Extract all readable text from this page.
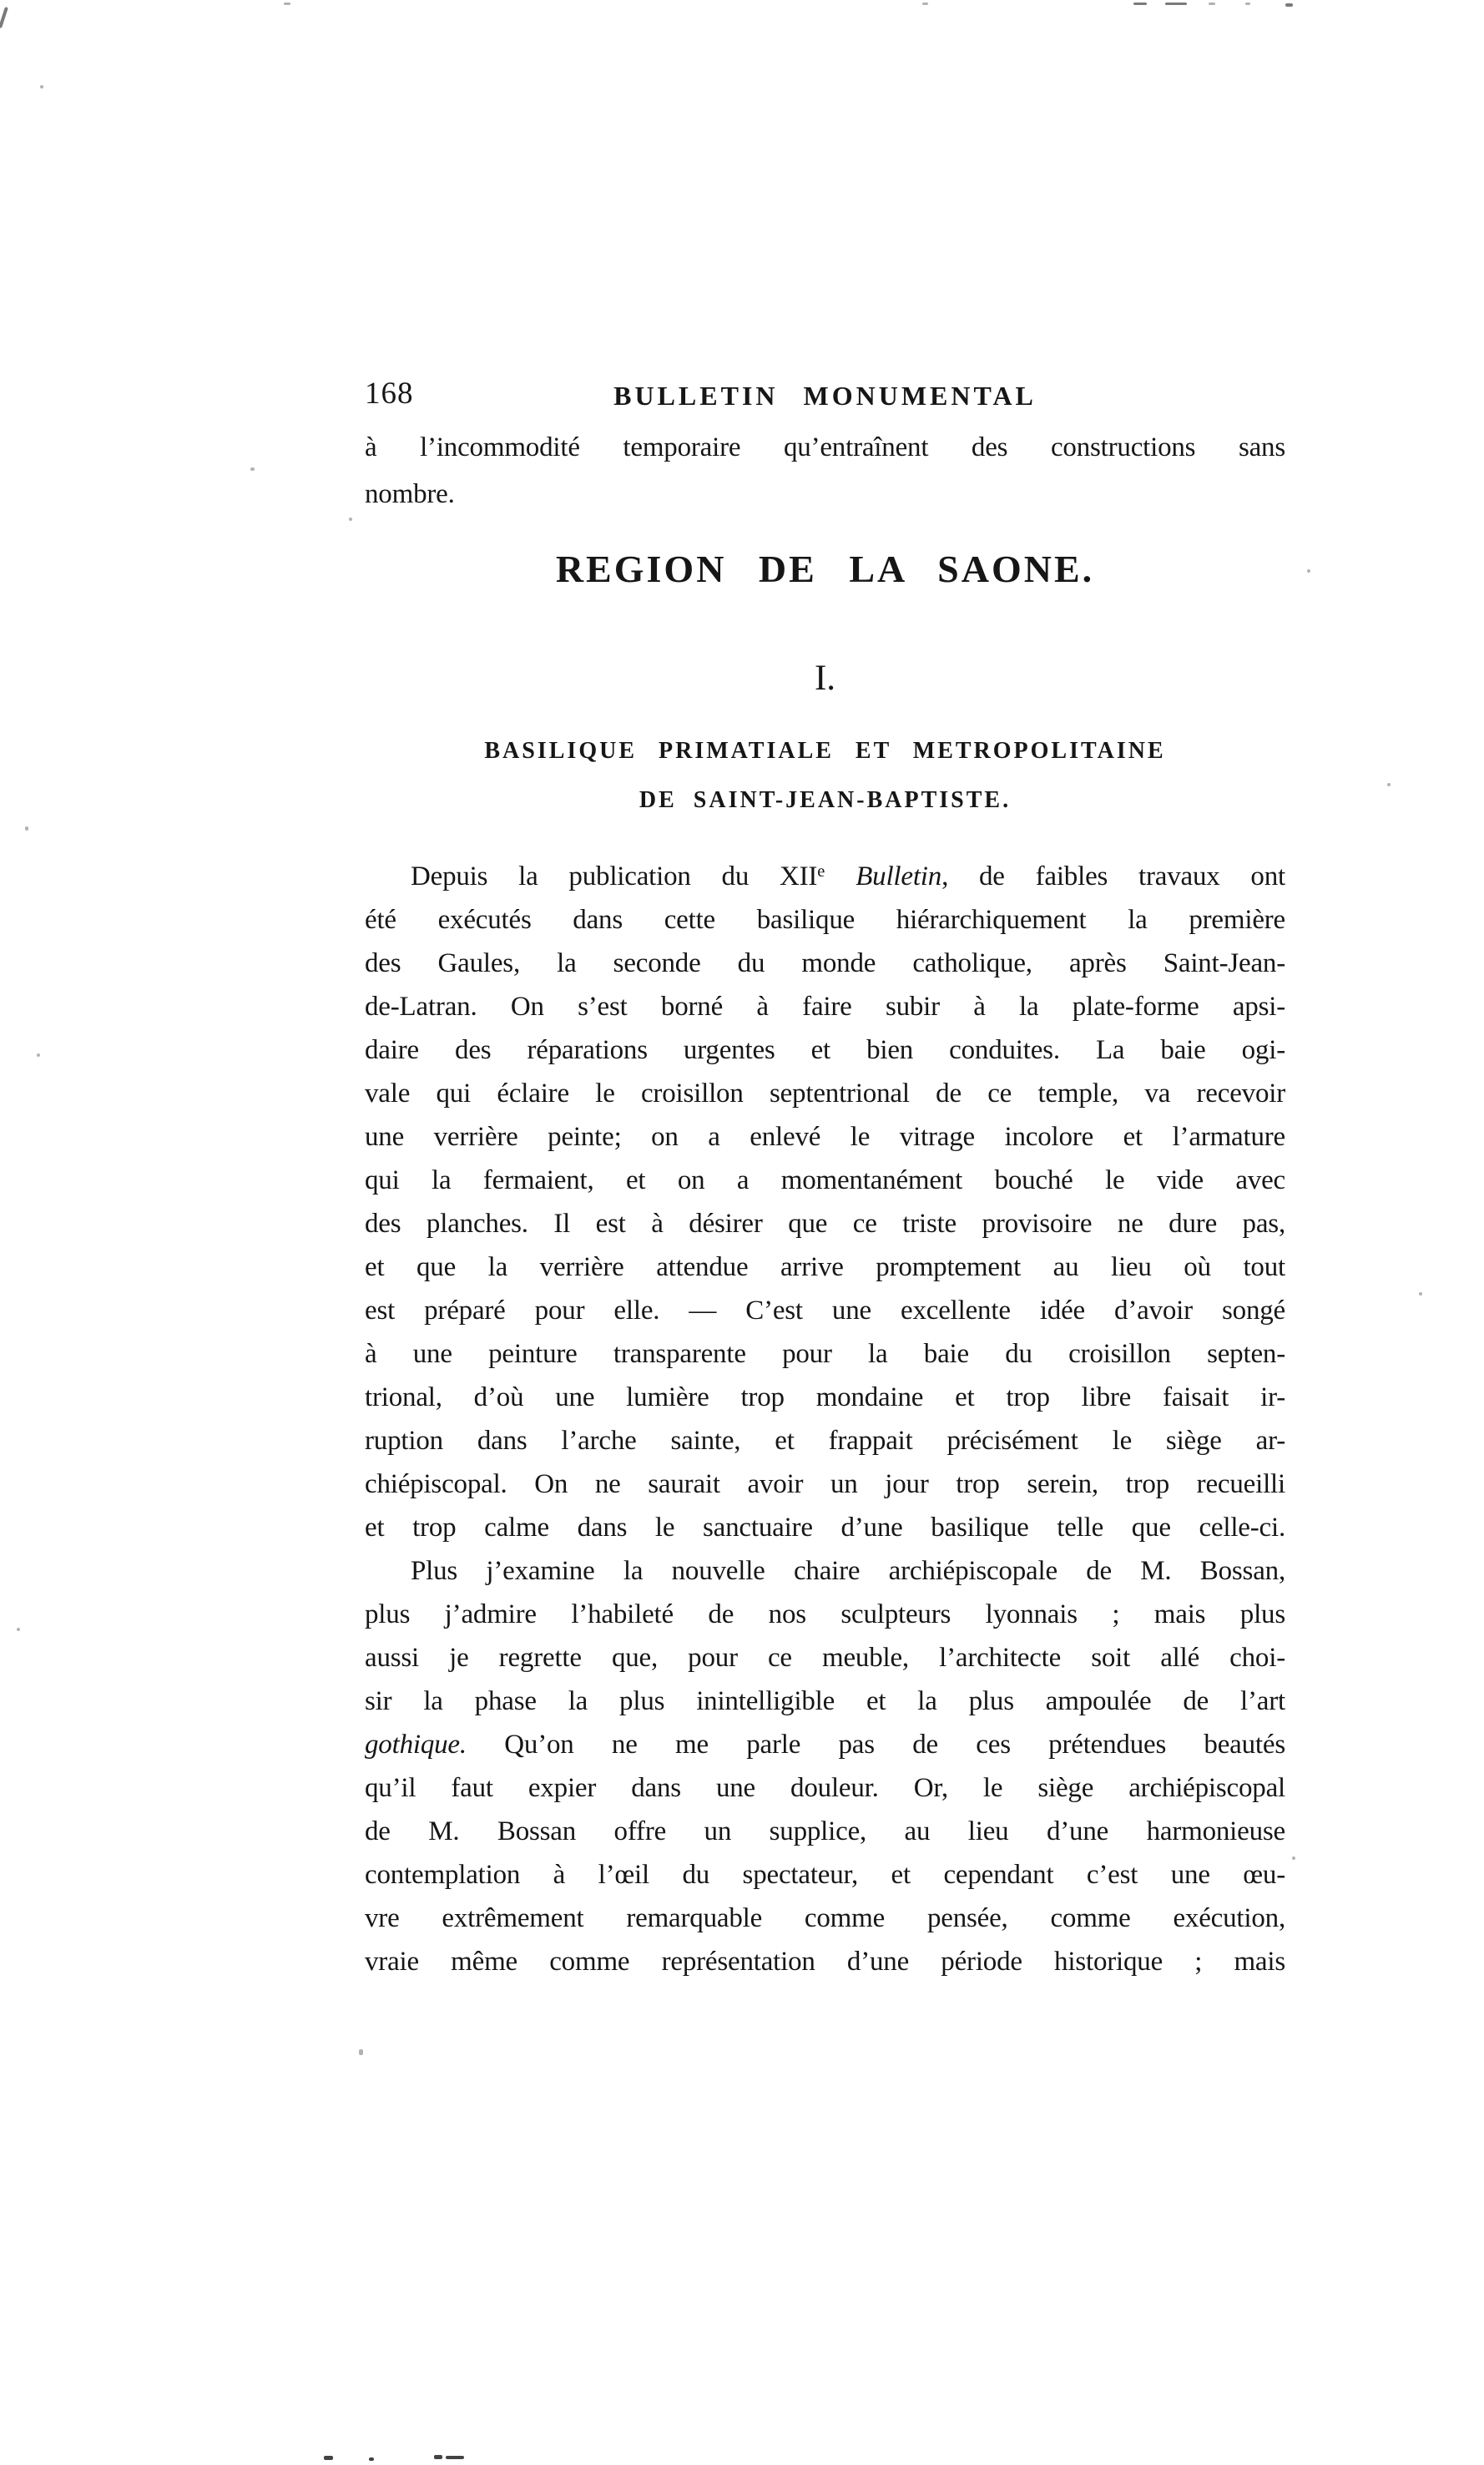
168	BULLETIN MONUMENTAL
à l’incommodité temporaire qu’entraînent des constructions sans
nombre.
REGION DE LA SAONE.
I.
BASILIQUE PRIMATIALE ET METROPOLITAINE
DE SAINT-JEAN-BAPTISTE.
Depuis la publication du XIIe Bulletin, de faibles travaux ont
été exécutés dans cette basilique hiérarchiquement la première
des Gaules, la seconde du monde catholique, après Saint-Jean-
de-Latran. On s’est borné à faire subir à la plate-forme apsi-
daire des réparations urgentes et bien conduites. La baie ogi-
vale qui éclaire le croisillon septentrional de ce temple, va recevoir
une verrière peinte; on a enlevé le vitrage incolore et l’armature
qui la fermaient, et on a momentanément bouché le vide avec
des planches. Il est à désirer que ce triste provisoire ne dure pas,
et que la verrière attendue arrive promptement au lieu où tout
est préparé pour elle. — C’est une excellente idée d’avoir songé
à une peinture transparente pour la baie du croisillon septen-
trional, d’où une lumière trop mondaine et trop libre faisait ir-
ruption dans l’arche sainte, et frappait précisément le siège ar-
chiépiscopal. On ne saurait avoir un jour trop serein, trop recueilli
et trop calme dans le sanctuaire d’une basilique telle que celle-ci.
Plus j’examine la nouvelle chaire archiépiscopale de M. Bossan,
plus j’admire l’habileté de nos sculpteurs lyonnais ; mais plus
aussi je regrette que, pour ce meuble, l’architecte soit allé choi-
sir la phase la plus inintelligible et la plus ampoulée de l’art
gothique. Qu’on ne me parle pas de ces prétendues beautés
qu’il faut expier dans une douleur. Or, le siège archiépiscopal
de M. Bossan offre un supplice, au lieu d’une harmonieuse
contemplation à l’œil du spectateur, et cependant c’est une œu-
vre extrêmement remarquable comme pensée, comme exécution,
vraie même comme représentation d’une période historique ; mais
